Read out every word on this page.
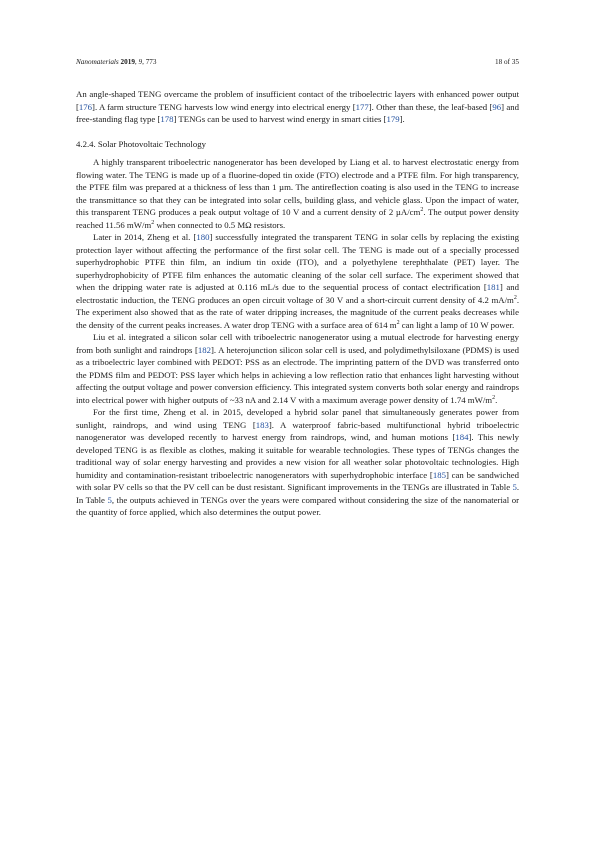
Nanomaterials 2019, 9, 773	18 of 35

An angle-shaped TENG overcame the problem of insufficient contact of the triboelectric layers with enhanced power output [176]. A farm structure TENG harvests low wind energy into electrical energy [177]. Other than these, the leaf-based [96] and free-standing flag type [178] TENGs can be used to harvest wind energy in smart cities [179].

4.2.4. Solar Photovoltaic Technology

A highly transparent triboelectric nanogenerator has been developed by Liang et al. to harvest electrostatic energy from flowing water. The TENG is made up of a fluorine-doped tin oxide (FTO) electrode and a PTFE film. For high transparency, the PTFE film was prepared at a thickness of less than 1 µm. The antireflection coating is also used in the TENG to increase the transmittance so that they can be integrated into solar cells, building glass, and vehicle glass. Upon the impact of water, this transparent TENG produces a peak output voltage of 10 V and a current density of 2 $\mu A/cm^2$. The output power density reached 11.56 $mW/m^2$ when connected to 0.5 MΩ resistors.

Later in 2014, Zheng et al. [180] successfully integrated the transparent TENG in solar cells by replacing the existing protection layer without affecting the performance of the first solar cell. The TENG is made out of a specially processed superhydrophobic PTFE thin film, an indium tin oxide (ITO), and a polyethylene terephthalate (PET) layer. The superhydrophobicity of PTFE film enhances the automatic cleaning of the solar cell surface. The experiment showed that when the dripping water rate is adjusted at 0.116 mL/s due to the sequential process of contact electrification [181] and electrostatic induction, the TENG produces an open circuit voltage of 30 V and a short-circuit current density of 4.2 $mA/m^2$. The experiment also showed that as the rate of water dripping increases, the magnitude of the current peaks decreases while the density of the current peaks increases. A water drop TENG with a surface area of 614 $m^2$ can light a lamp of 10 W power.

Liu et al. integrated a silicon solar cell with triboelectric nanogenerator using a mutual electrode for harvesting energy from both sunlight and raindrops [182]. A heterojunction silicon solar cell is used, and polydimethylsiloxane (PDMS) is used as a triboelectric layer combined with PEDOT: PSS as an electrode. The imprinting pattern of the DVD was transferred onto the PDMS film and PEDOT: PSS layer which helps in achieving a low reflection ratio that enhances light harvesting without affecting the output voltage and power conversion efficiency. This integrated system converts both solar energy and raindrops into electrical power with higher outputs of ~33 nA and 2.14 V with a maximum average power density of 1.74 $mW/m^2$.

For the first time, Zheng et al. in 2015, developed a hybrid solar panel that simultaneously generates power from sunlight, raindrops, and wind using TENG [183]. A waterproof fabric-based multifunctional hybrid triboelectric nanogenerator was developed recently to harvest energy from raindrops, wind, and human motions [184]. This newly developed TENG is as flexible as clothes, making it suitable for wearable technologies. These types of TENGs changes the traditional way of solar energy harvesting and provides a new vision for all weather solar photovoltaic technologies. High humidity and contamination-resistant triboelectric nanogenerators with superhydrophobic interface [185] can be sandwiched with solar PV cells so that the PV cell can be dust resistant. Significant improvements in the TENGs are illustrated in Table 5. In Table 5, the outputs achieved in TENGs over the years were compared without considering the size of the nanomaterial or the quantity of force applied, which also determines the output power.
